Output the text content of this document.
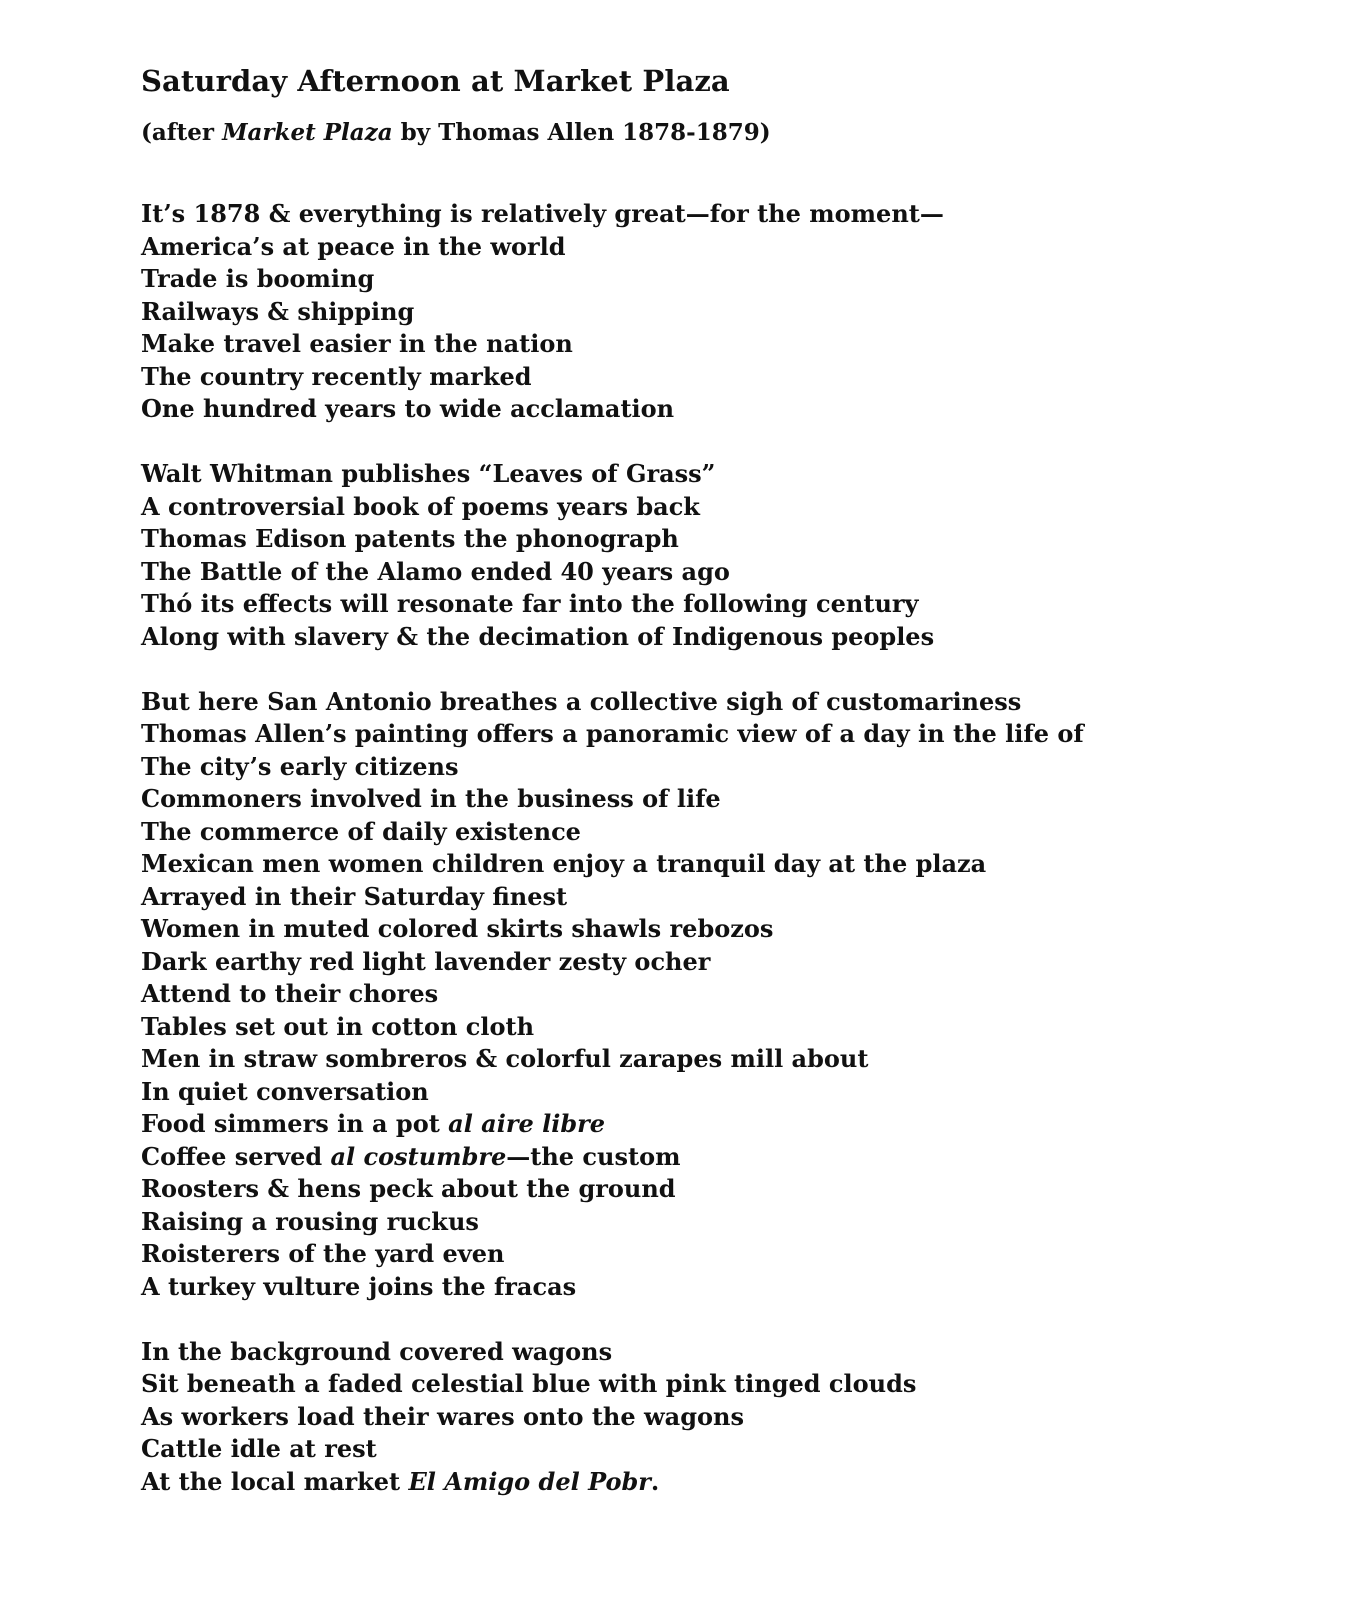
Saturday Afternoon at Market Plaza

(after Market Plaza by Thomas Allen 1878-1879)

It’s 1878 & everything is relatively great—for the moment—
America’s at peace in the world
Trade is booming
Railways & shipping
Make travel easier in the nation
The country recently marked
One hundred years to wide acclamation
Walt Whitman publishes “Leaves of Grass”
A controversial book of poems years back
Thomas Edison patents the phonograph
The Battle of the Alamo ended 40 years ago
Thó its effects will resonate far into the following century
Along with slavery & the decimation of Indigenous peoples
But here San Antonio breathes a collective sigh of customariness
Thomas Allen’s painting offers a panoramic view of a day in the life of
The city’s early citizens
Commoners involved in the business of life
The commerce of daily existence
Mexican men women children enjoy a tranquil day at the plaza
Arrayed in their Saturday finest
Women in muted colored skirts shawls rebozos
Dark earthy red light lavender zesty ocher
Attend to their chores
Tables set out in cotton cloth
Men in straw sombreros & colorful zarapes mill about
In quiet conversation
Food simmers in a pot al aire libre
Coffee served al costumbre—the custom
Roosters & hens peck about the ground
Raising a rousing ruckus
Roisterers of the yard even
A turkey vulture joins the fracas
In the background covered wagons
Sit beneath a faded celestial blue with pink tinged clouds
As workers load their wares onto the wagons
Cattle idle at rest
At the local market El Amigo del Pobr.
